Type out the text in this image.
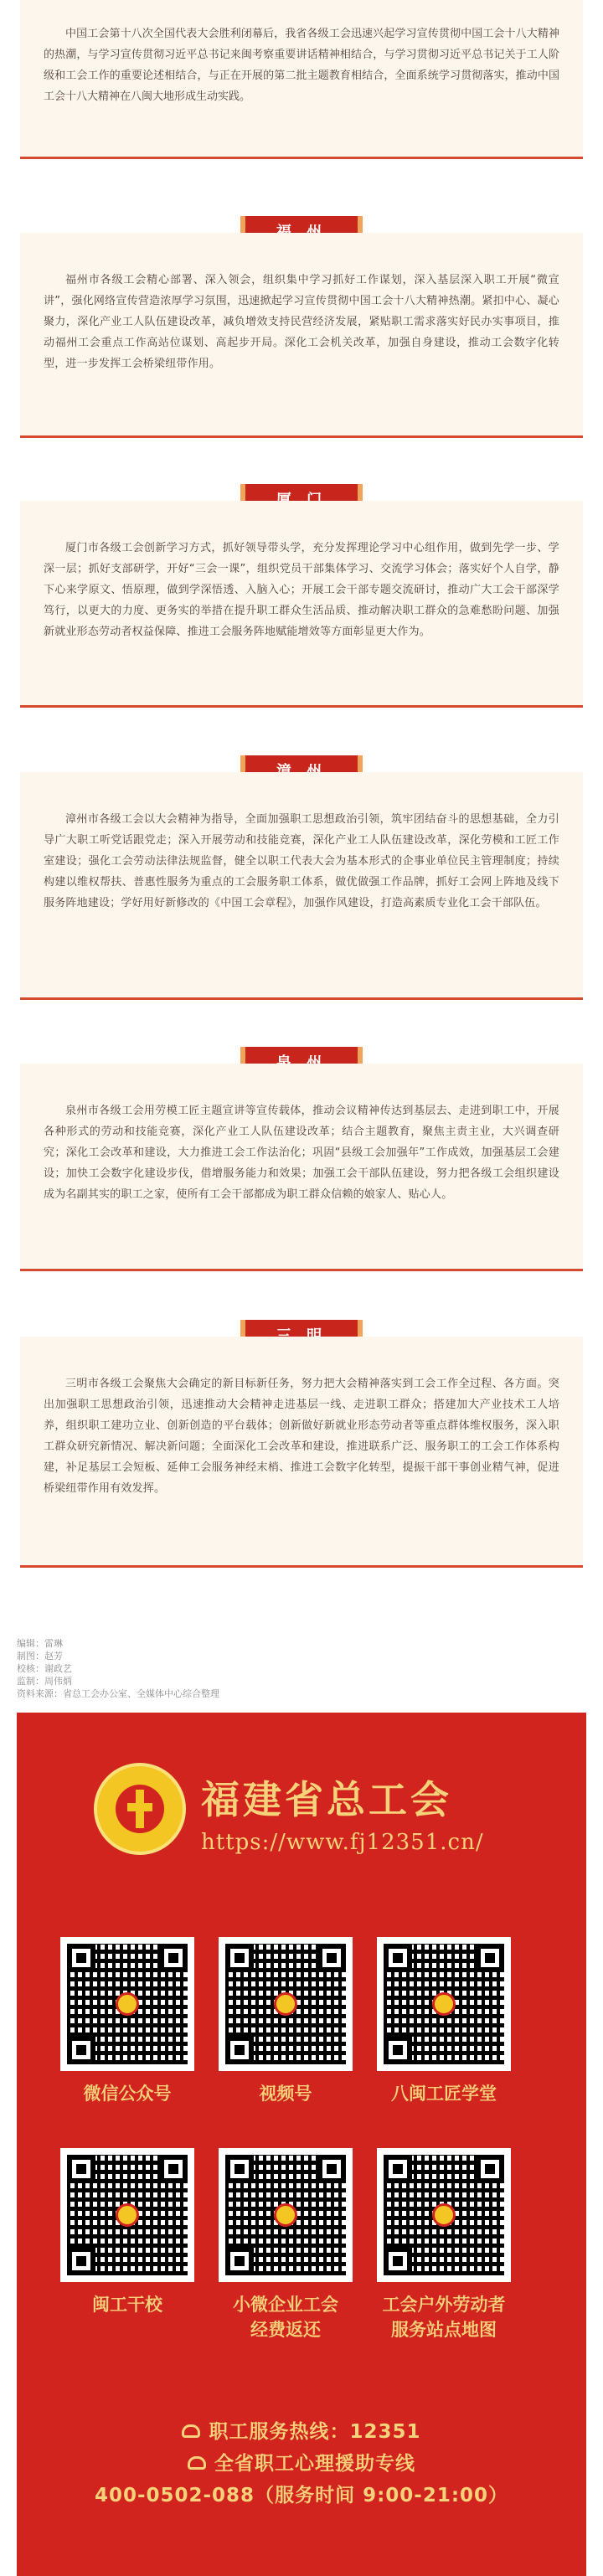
中国工会第十八次全国代表大会胜利闭幕后，我省各级工会迅速兴起学习宣传贯彻中国工会十八大精神的热潮，与学习宣传贯彻习近平总书记来闽考察重要讲话精神相结合，与学习贯彻习近平总书记关于工人阶级和工会工作的重要论述相结合，与正在开展的第二批主题教育相结合，全面系统学习贯彻落实，推动中国工会十八大精神在八闽大地形成生动实践。

福州市各级工会精心部署、深入领会，组织集中学习抓好工作谋划，深入基层深入职工开展“微宣讲”，强化网络宣传营造浓厚学习氛围，迅速掀起学习宣传贯彻中国工会十八大精神热潮。紧扣中心、凝心聚力，深化产业工人队伍建设改革，减负增效支持民营经济发展，紧贴职工需求落实好民办实事项目，推动福州工会重点工作高站位谋划、高起步开局。深化工会机关改革，加强自身建设，推动工会数字化转型，进一步发挥工会桥梁纽带作用。

厦门市各级工会创新学习方式，抓好领导带头学，充分发挥理论学习中心组作用，做到先学一步、学深一层；抓好支部研学，开好“三会一课”，组织党员干部集体学习、交流学习体会；落实好个人自学，静下心来学原文、悟原理，做到学深悟透、入脑入心；开展工会干部专题交流研讨，推动广大工会干部深学笃行，以更大的力度、更务实的举措在提升职工群众生活品质、推动解决职工群众的急难愁盼问题、加强新就业形态劳动者权益保障、推进工会服务阵地赋能增效等方面彰显更大作为。

漳州市各级工会以大会精神为指导，全面加强职工思想政治引领，筑牢团结奋斗的思想基础，全力引导广大职工听党话跟党走；深入开展劳动和技能竞赛，深化产业工人队伍建设改革，深化劳模和工匠工作室建设；强化工会劳动法律法规监督，健全以职工代表大会为基本形式的企事业单位民主管理制度；持续构建以维权帮扶、普惠性服务为重点的工会服务职工体系，做优做强工作品牌，抓好工会网上阵地及线下服务阵地建设；学好用好新修改的《中国工会章程》，加强作风建设，打造高素质专业化工会干部队伍。

泉州市各级工会用劳模工匠主题宣讲等宣传载体，推动会议精神传达到基层去、走进到职工中，开展各种形式的劳动和技能竞赛，深化产业工人队伍建设改革；结合主题教育，聚焦主责主业，大兴调查研究；深化工会改革和建设，大力推进工会工作法治化；巩固“县级工会加强年”工作成效，加强基层工会建设；加快工会数字化建设步伐，借增服务能力和效果；加强工会干部队伍建设，努力把各级工会组织建设成为名副其实的职工之家，使所有工会干部都成为职工群众信赖的娘家人、贴心人。

三明市各级工会聚焦大会确定的新目标新任务，努力把大会精神落实到工会工作全过程、各方面。突出加强职工思想政治引领，迅速推动大会精神走进基层一线、走进职工群众；搭建加大产业技术工人培养，组织职工建功立业、创新创造的平台载体；创新做好新就业形态劳动者等重点群体维权服务，深入职工群众研究新情况、解决新问题；全面深化工会改革和建设，推进联系广泛、服务职工的工会工作体系构建，补足基层工会短板、延伸工会服务神经末梢、推进工会数字化转型，提振干部干事创业精气神，促进桥梁纽带作用有效发挥。

编辑：雷琳
制图：赵芳
校核：谢政艺
监制：周伟炳
资料来源：省总工会办公室、全媒体中心综合整理
福建省总工会
https://www.fj12351.cn/
微信公众号	视频号	八闽工匠学堂
闽工干校	小微企业工会
经费返还
工会户外劳动者
服务站点地图
职工服务热线：12351
全省职工心理援助专线
400-0502-088（服务时间 9:00-21:00）
